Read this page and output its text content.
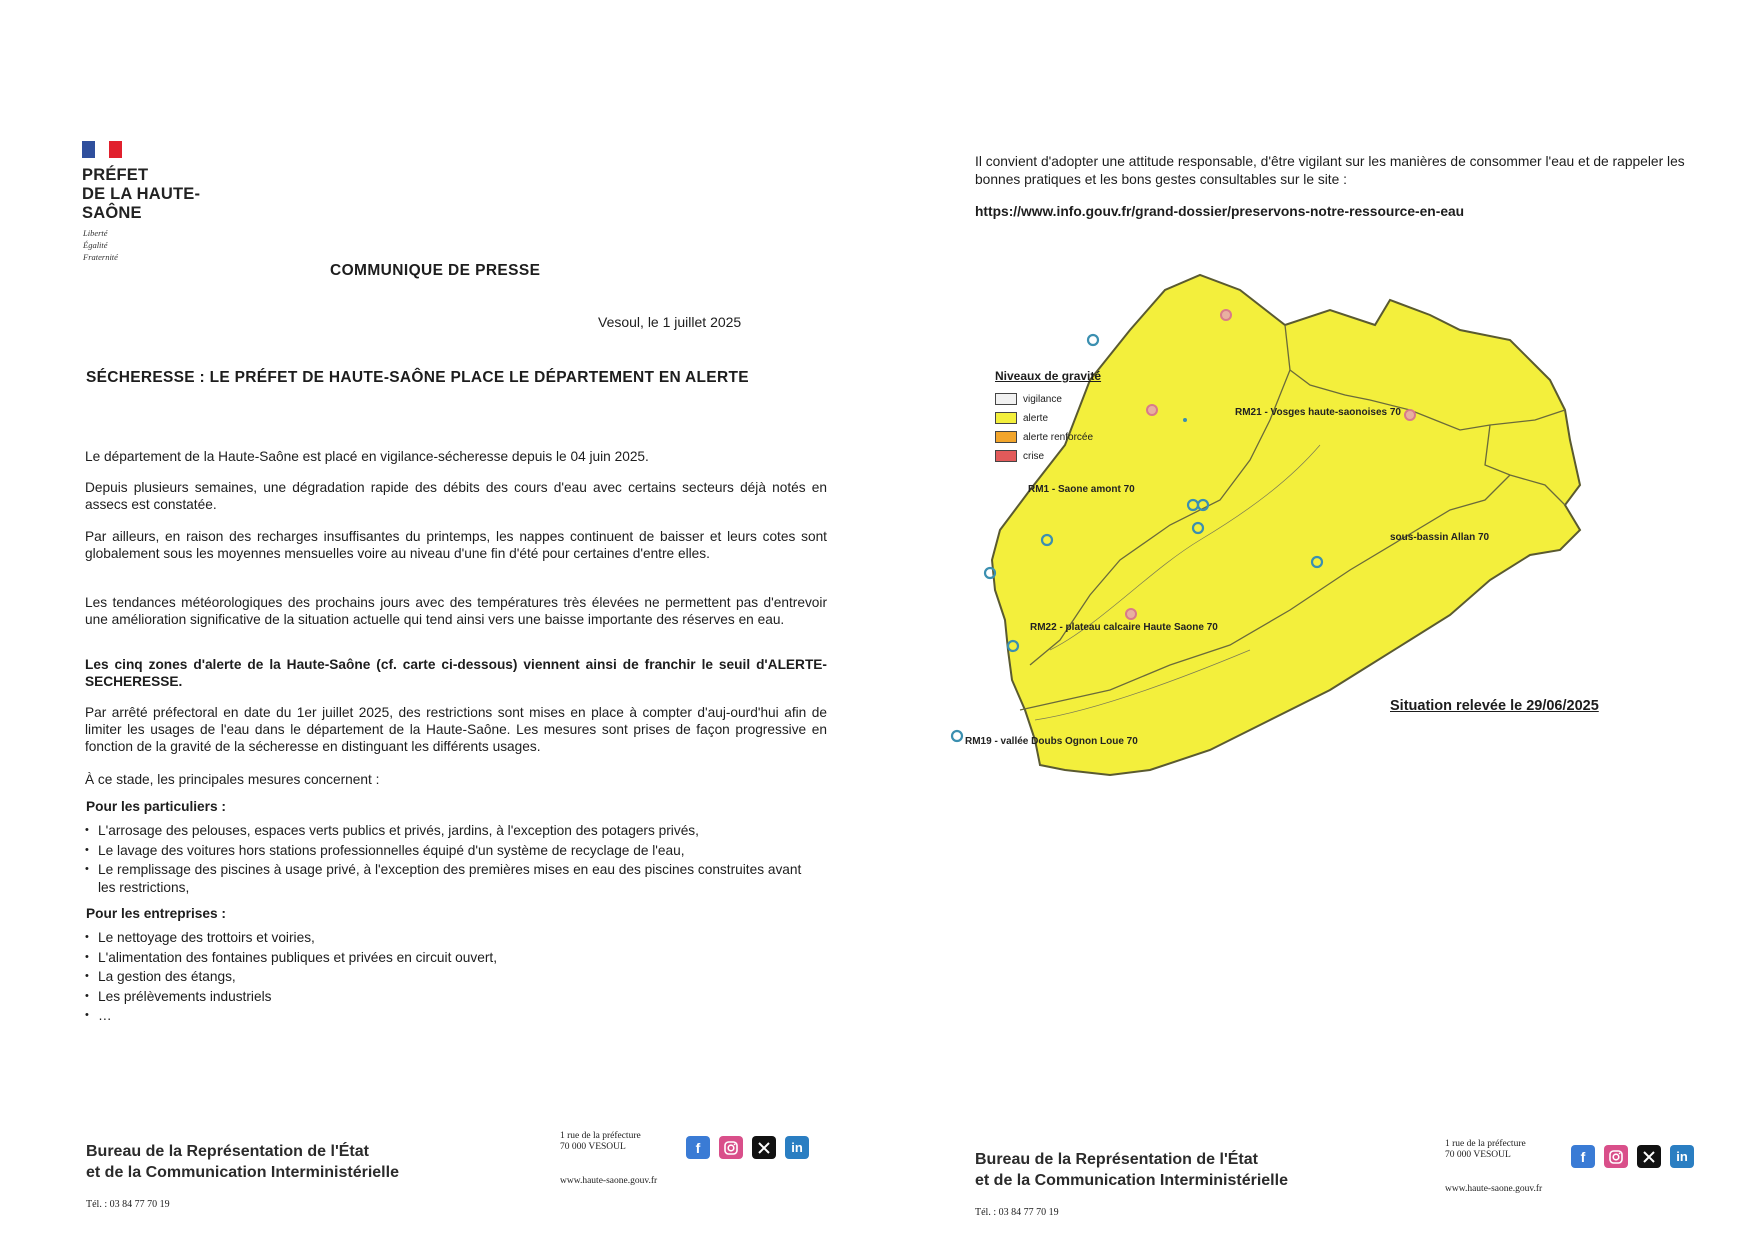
PRÉFET
DE LA HAUTE-
SAÔNE
Liberté
Égalité
Fraternité
COMMUNIQUE DE PRESSE
Vesoul, le 1 juillet 2025
SÉCHERESSE : LE PRÉFET DE HAUTE-SAÔNE PLACE LE DÉPARTEMENT EN ALERTE
Le département de la Haute-Saône est placé en vigilance-sécheresse depuis le 04 juin 2025.
Depuis plusieurs semaines, une dégradation rapide des débits des cours d'eau avec certains secteurs déjà notés en assecs est constatée.
Par ailleurs, en raison des recharges insuffisantes du printemps, les nappes continuent de baisser et leurs cotes sont globalement sous les moyennes mensuelles voire au niveau d'une fin d'été pour certaines d'entre elles.
Les tendances météorologiques des prochains jours avec des températures très élevées ne permettent pas d'entrevoir une amélioration significative de la situation actuelle qui tend ainsi vers une baisse importante des réserves en eau.
Les cinq zones d'alerte de la Haute-Saône (cf. carte ci-dessous) viennent ainsi de franchir le seuil d'ALERTE-SECHERESSE.
Par arrêté préfectoral en date du 1er juillet 2025, des restrictions sont mises en place à compter d'auj-ourd'hui afin de limiter les usages de l'eau dans le département de la Haute-Saône. Les mesures sont prises de façon progressive en fonction de la gravité de la sécheresse en distinguant les différents usages.
À ce stade, les principales mesures concernent :
Pour les particuliers :
• L'arrosage des pelouses, espaces verts publics et privés, jardins, à l'exception des potagers privés,
• Le lavage des voitures hors stations professionnelles équipé d'un système de recyclage de l'eau,
• Le remplissage des piscines à usage privé, à l'exception des premières mises en eau des piscines construites avant les restrictions,
Pour les entreprises :
• Le nettoyage des trottoirs et voiries,
• L'alimentation des fontaines publiques et privées en circuit ouvert,
• La gestion des étangs,
• Les prélèvements industriels
• …
Bureau de la Représentation de l'État
et de la Communication Interministérielle
1 rue de la préfecture
70 000 VESOUL
www.haute-saone.gouv.fr
Tél. : 03 84 77 70 19
f	in
Il convient d'adopter une attitude responsable, d'être vigilant sur les manières de consommer l'eau et de rappeler les bonnes pratiques et les bons gestes consultables sur le site :
https://www.info.gouv.fr/grand-dossier/preservons-notre-ressource-en-eau
RM21 - Vosges haute-saonoises 70
RM1 - Saone amont 70
sous-bassin Allan 70
RM22 - plateau calcaire Haute Saone 70
RM19 - vallée Doubs Ognon Loue 70
Niveaux de gravité
vigilance
alerte
alerte renforcée
crise
Situation relevée le 29/06/2025
Bureau de la Représentation de l'État
et de la Communication Interministérielle
1 rue de la préfecture
70 000 VESOUL
www.haute-saone.gouv.fr
Tél. : 03 84 77 70 19
f	in
